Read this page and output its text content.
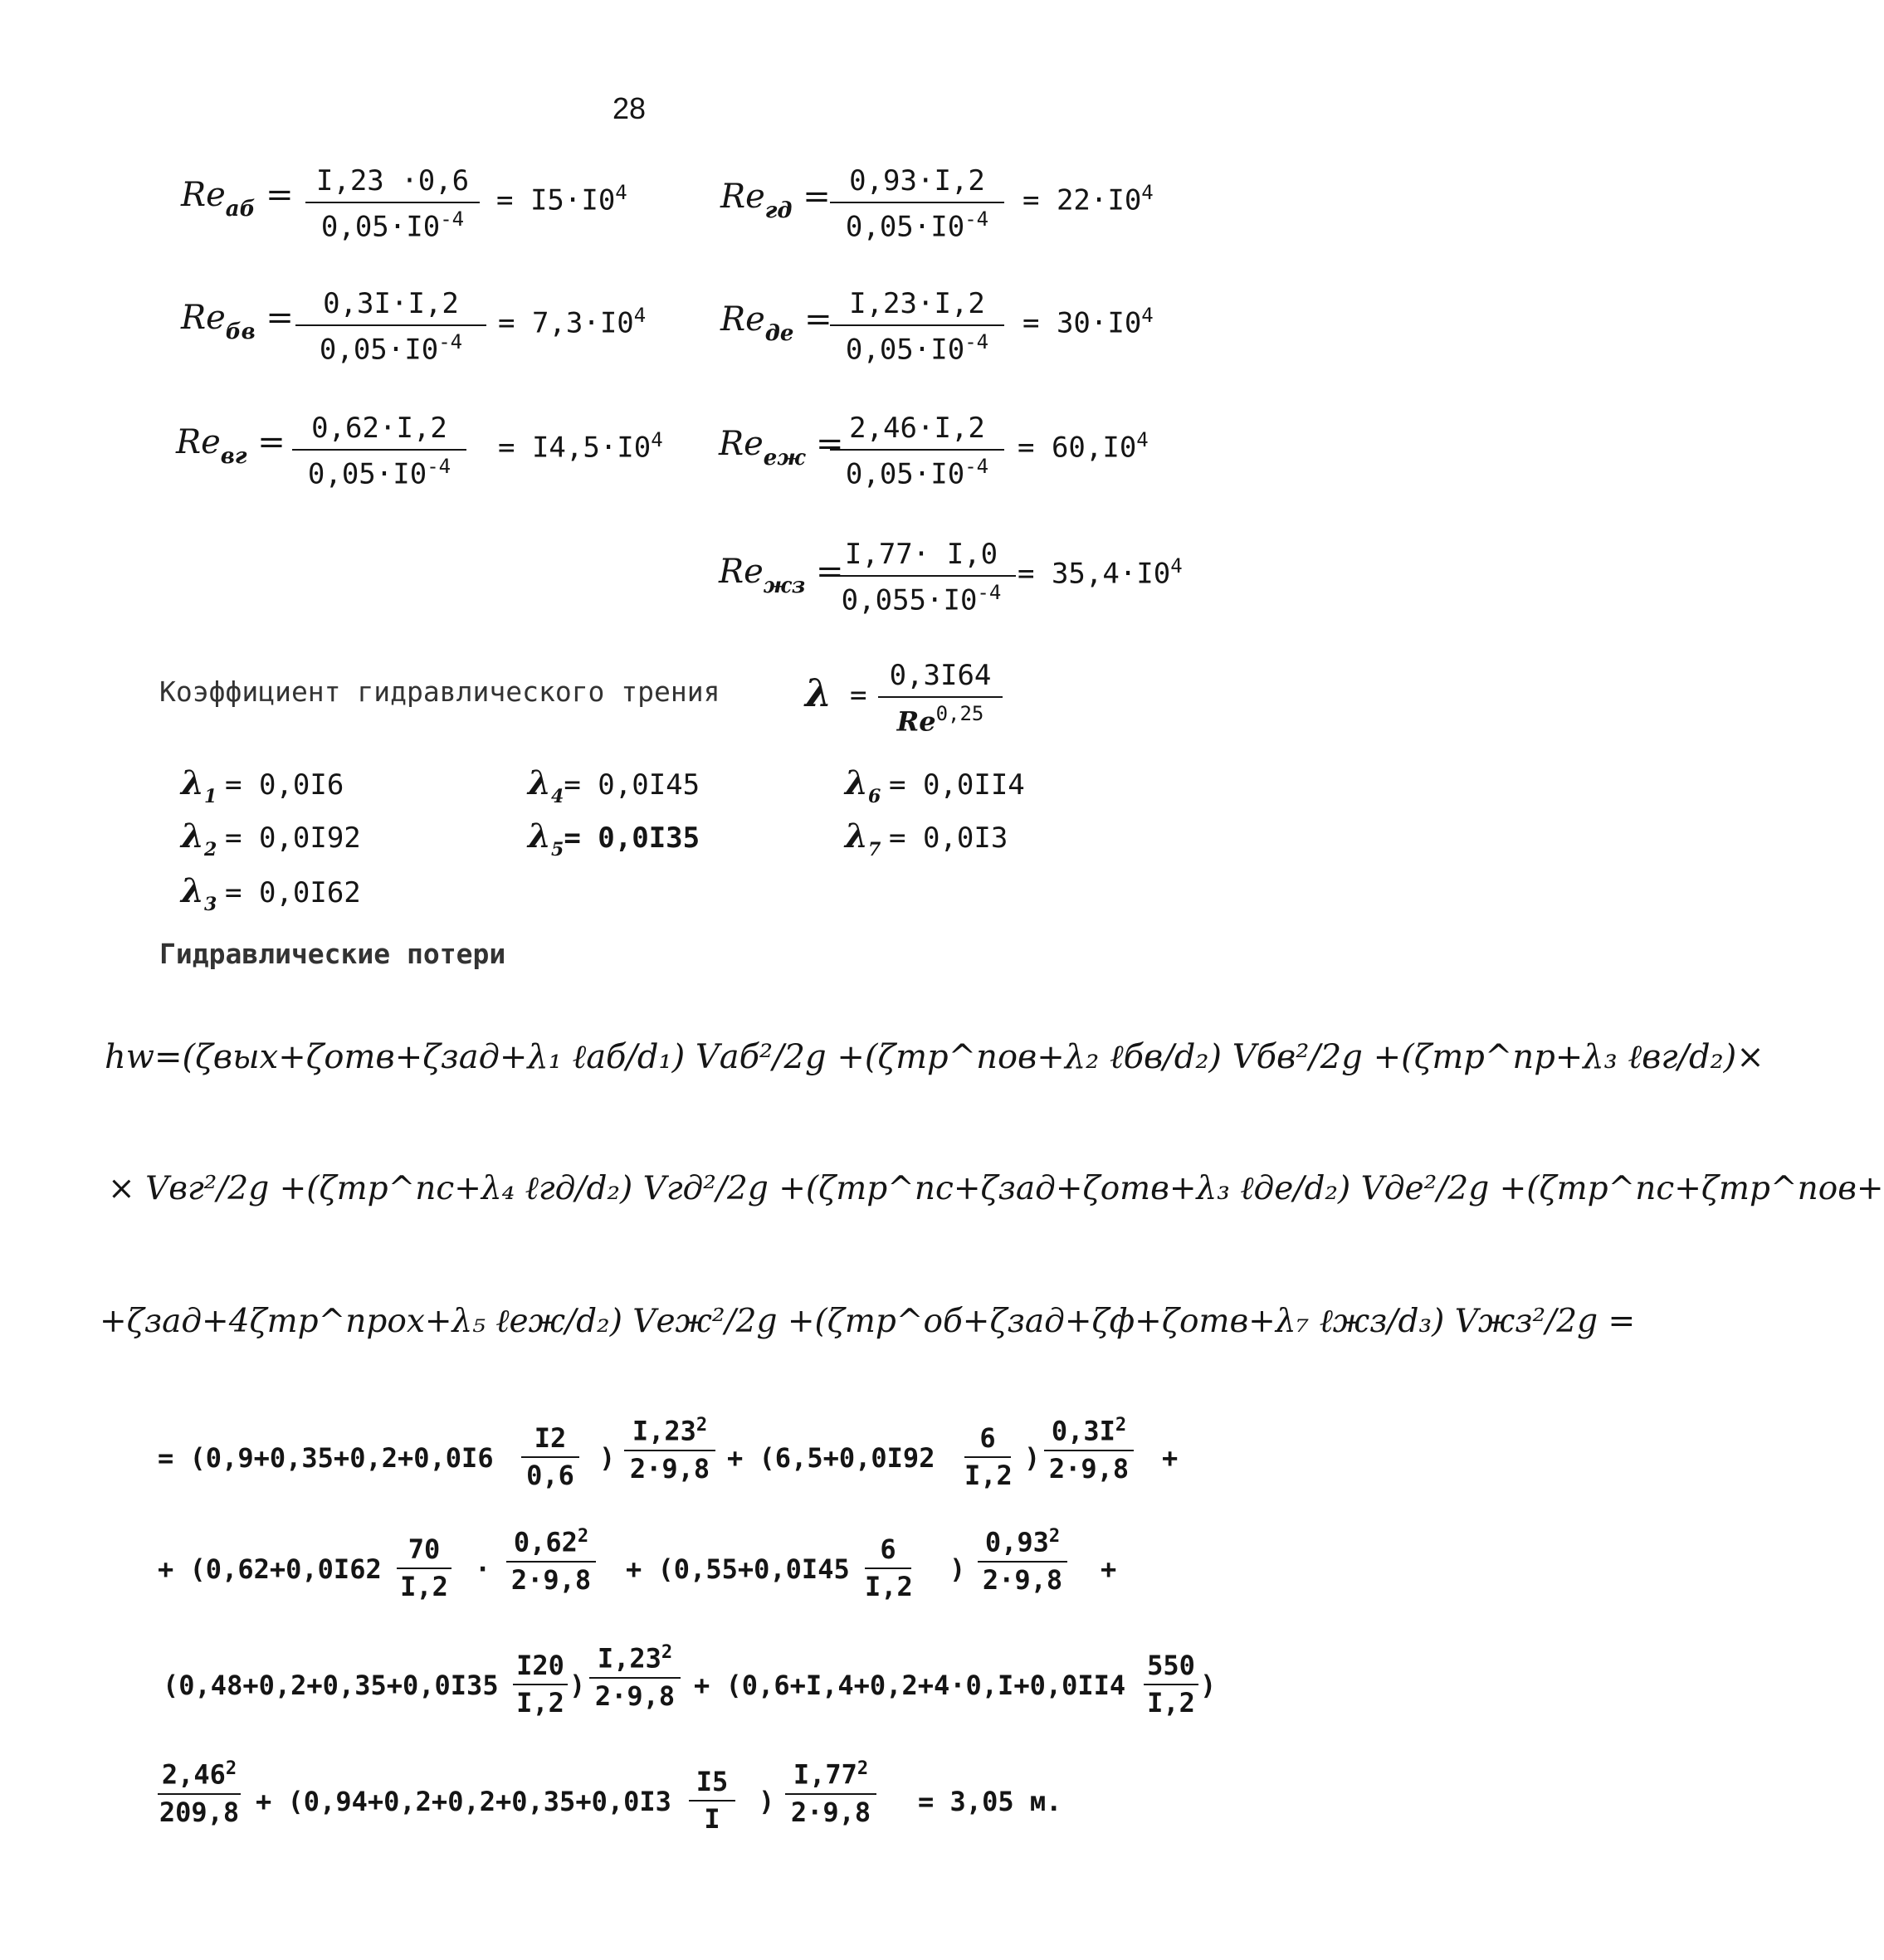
28
$Re_{аб} = \frac{I,23 \cdot 0,6}{0,05\cdot I0^{-4}} = I5\cdot I0^4$
$Re_{бв} = \frac{0,3I\cdot I,2}{0,05\cdot I0^{-4}} = 7,3\cdot I0^4$
$Re_{вг} = \frac{0,62\cdot I,2}{0,05\cdot I0^{-4}} = I4,5\cdot I0^4$
$Re_{гд} = \frac{0,93\cdot I,2}{0,05\cdot I0^{-4}} = 22\cdot I0^4$
$Re_{де}$ =
$\frac{I,23\cdot I,2}{0,05\cdot I0^{-4}} = 30\cdot I0^4$
$Re_{еж}$ =
$\frac{2,46\cdot I,2}{0,05\cdot I0^{-4}} = 60,I0^4$
$Re_{жз}$ =
$\frac{I,77\cdot I,0}{0,055\cdot I0^{-4}} = 35,4\cdot I0^4$
Коэффициент гидравлического трения $\lambda = \frac{0,3I64}{Re^{0,25}}$
$\lambda_1 = 0,0I6$
$\lambda_2 = 0,0I92$
$\lambda_3 = 0,0I62$
$\lambda_4= 0,0I45$
$\lambda_5= 0,0I35$
$\lambda_6 = 0,0II4$
$\lambda_7 = 0,0I3$
Гидравлические потери
hw=(ζвых+ζотв+ζзад+λ₁ ℓаб/d₁) Vаб²/2g +(ζтр^пов+λ₂ ℓбв/d₂) Vбв²/2g +(ζтр^пр+λ₃ ℓвг/d₂)×
× Vвг²/2g +(ζтр^пс+λ₄ ℓгд/d₂) Vгд²/2g +(ζтр^пс+ζзад+ζотв+λ₃ ℓде/d₂) Vде²/2g +(ζтр^пс+ζтр^пов+
+ζзад+4ζтр^прох+λ₅ ℓеж/d₂) Vеж²/2g +(ζтр^об+ζзад+ζф+ζотв+λ₇ ℓжз/d₃) Vжз²/2g =
= ($0,9+0,35+0,2+0,0I6 \frac{I2}{0,6}$ ) $\frac{I,23^2}{2\cdot 9,8} + (6,5+0,0I92 \frac{6}{I,2}$ ) $\frac{0,3I^2}{2\cdot 9,8}$ +
+ ($0,62+0,0I62 \frac{70}{I,2} \cdot \frac{0,62^2}{2\cdot 9,8} + (0,55+0,0I45 \frac{6}{I,2}$ ) $\frac{0,93^2}{2\cdot 9,8}$ +
($0,48+0,2+0,35+0,0I35 \frac{I20}{I,2}$ ) $\frac{I,23^2}{2\cdot 9,8} + (0,6+I,4+0,2+4\cdot 0,I+0,0II4 \frac{550}{I,2}$ )
$\frac{2,46^2}{209,8} + (0,94+0,2+0,2+0,35+0,0I3 \frac{I5}{I}$ ) $\frac{I,77^2}{2\cdot 9,8} = 3,05$ м.
